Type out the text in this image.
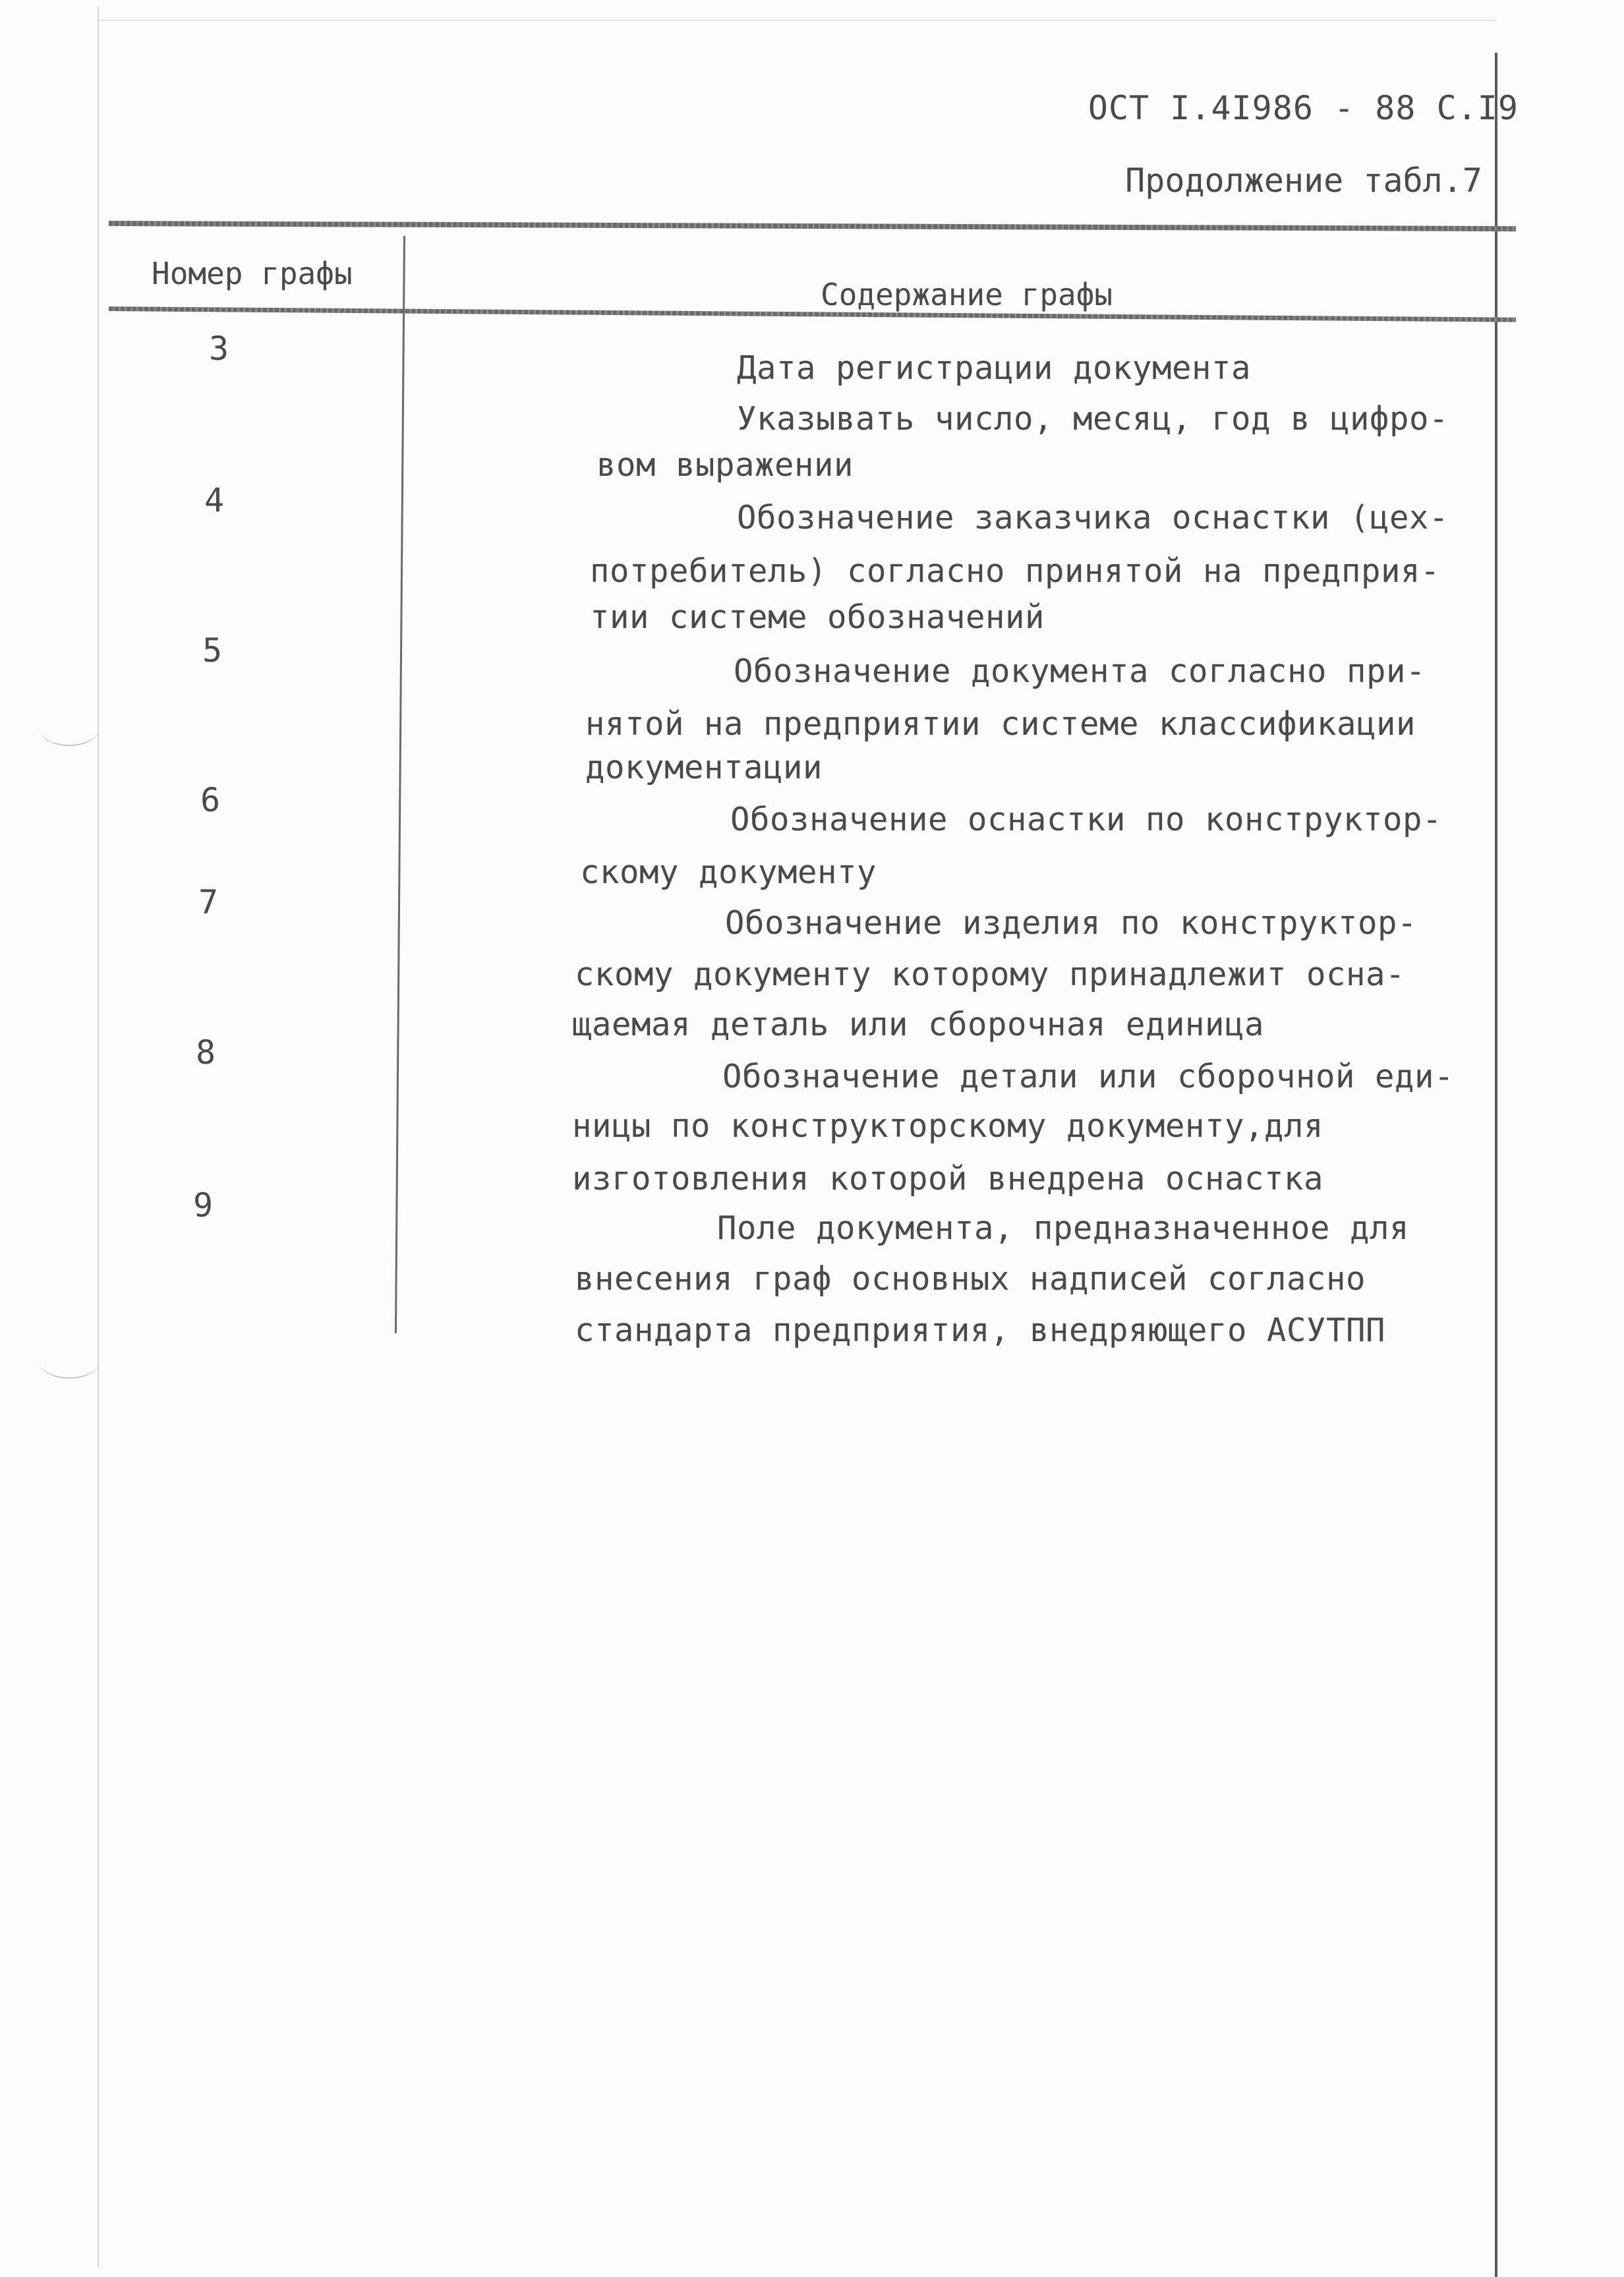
ОСТ I.4I986 - 88 С.I9
Продолжение табл.7
Номер графы
Содержание графы
3
4
5
6
7
8
9
Дата регистрации документа
Указывать число, месяц, год в цифро-
вом выражении
Обозначение заказчика оснастки (цех-
потребитель) согласно принятой на предприя-
тии системе обозначений
Обозначение документа согласно при-
нятой на предприятии системе классификации
документации
Обозначение оснастки по конструктор-
скому документу
Обозначение изделия по конструктор-
скому документу которому принадлежит осна-
щаемая деталь или сборочная единица
Обозначение детали или сборочной еди-
ницы по конструкторскому документу,для
изготовления которой внедрена оснастка
Поле документа, предназначенное для
внесения граф основных надписей согласно
стандарта предприятия, внедряющего АСУТПП
